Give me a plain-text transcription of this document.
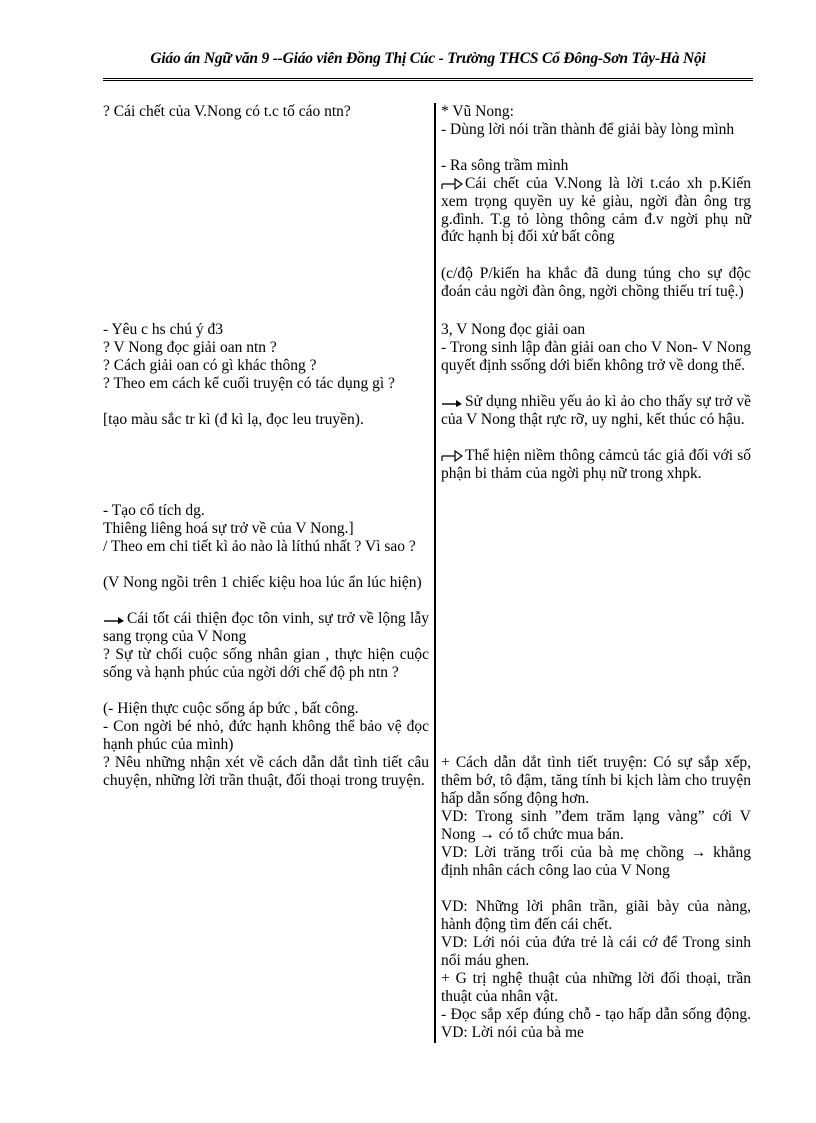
Giáo án Ngữ văn 9 --Giáo viên Đồng Thị Cúc - Trường THCS Cổ Đông-Sơn Tây-Hà Nội

? Cái chết của V.Nong có t.c tố cáo ntn?

- Yêu c hs chú ý đ3

? V Nong đọc giải oan ntn ?

? Cách giải oan có gì khác thông ?

? Theo em cách kể cuối truyện có tác dụng gì ?

[tạo màu sắc tr kì (đ kì lạ, đọc leu truyền).

- Tạo cổ tích dg.

Thiêng liêng hoá sự trở về của V Nong.]

/ Theo em chi tiết kì ảo nào là líthú nhất ? Vì sao ?

(V Nong ngồi trên 1 chiếc kiệu hoa lúc ẩn lúc hiện)

Cái tốt cái thiện đọc tôn vinh, sự trở về lộng lẫy sang trọng của V Nong

? Sự từ chối cuộc sống nhân gian , thực hiện cuộc sống và hạnh phúc của ngời dới chế độ ph ntn ?

(- Hiện thực cuộc sống áp bức , bất công.

- Con ngời bé nhỏ, đức hạnh không thể bảo vệ đọc hạnh phúc của mình)

? Nêu những nhận xét về cách dẫn dắt tình tiết câu chuyện, những lời trần thuật, đối thoại trong truyện.

* Vũ Nong:

- Dùng lời nói trần thành để giải bày lòng mình

- Ra sông trầm mình

Cái chết của V.Nong là lời t.cáo xh p.Kiến xem trọng quyền uy kẻ giàu, ngời đàn ông trg g.đình. T.g tỏ lòng thông cảm đ.v ngời phụ nữ đức hạnh bị đối xử bất công

(c/độ P/kiến ha khắc đã dung túng cho sự độc đoán cảu ngời đàn ông, ngời chồng thiếu trí tuệ.)

3, V Nong đọc giải oan

- Trong sinh lập đàn giải oan cho V Non- V Nong quyết định ssống dới biển không trở về dong thế.

Sử dụng nhiều yếu ảo kì ảo cho thấy sự trở về của V Nong thật rực rỡ, uy nghi, kết thúc có hậu.

Thể hiện niềm thông cảmcủ tác giả đối với số phận bi thảm của ngời phụ nữ trong xhpk.

+ Cách dẫn dắt tình tiết truyện: Có sự sắp xếp, thêm bớ, tô đậm, tăng tính bi kịch làm cho truyện hấp dẫn sống động hơn.

VD: Trong sinh ”đem trăm lạng vàng” cới V Nong → có tổ chức mua bán.

VD: Lời trăng trối của bà mẹ chồng → khẳng định nhân cách công lao của V Nong

VD: Những lời phân trần, giãi bày của nàng, hành động tìm đến cái chết.

VD: Lới nói của đứa trẻ là cái cớ để Trong sinh nổi máu ghen.

+ G trị nghệ thuật của những lời đối thoại, trần thuật của nhân vật.

- Đọc sắp xếp đúng chỗ - tạo hấp dẫn sống động. VD: Lời nói của bà me
